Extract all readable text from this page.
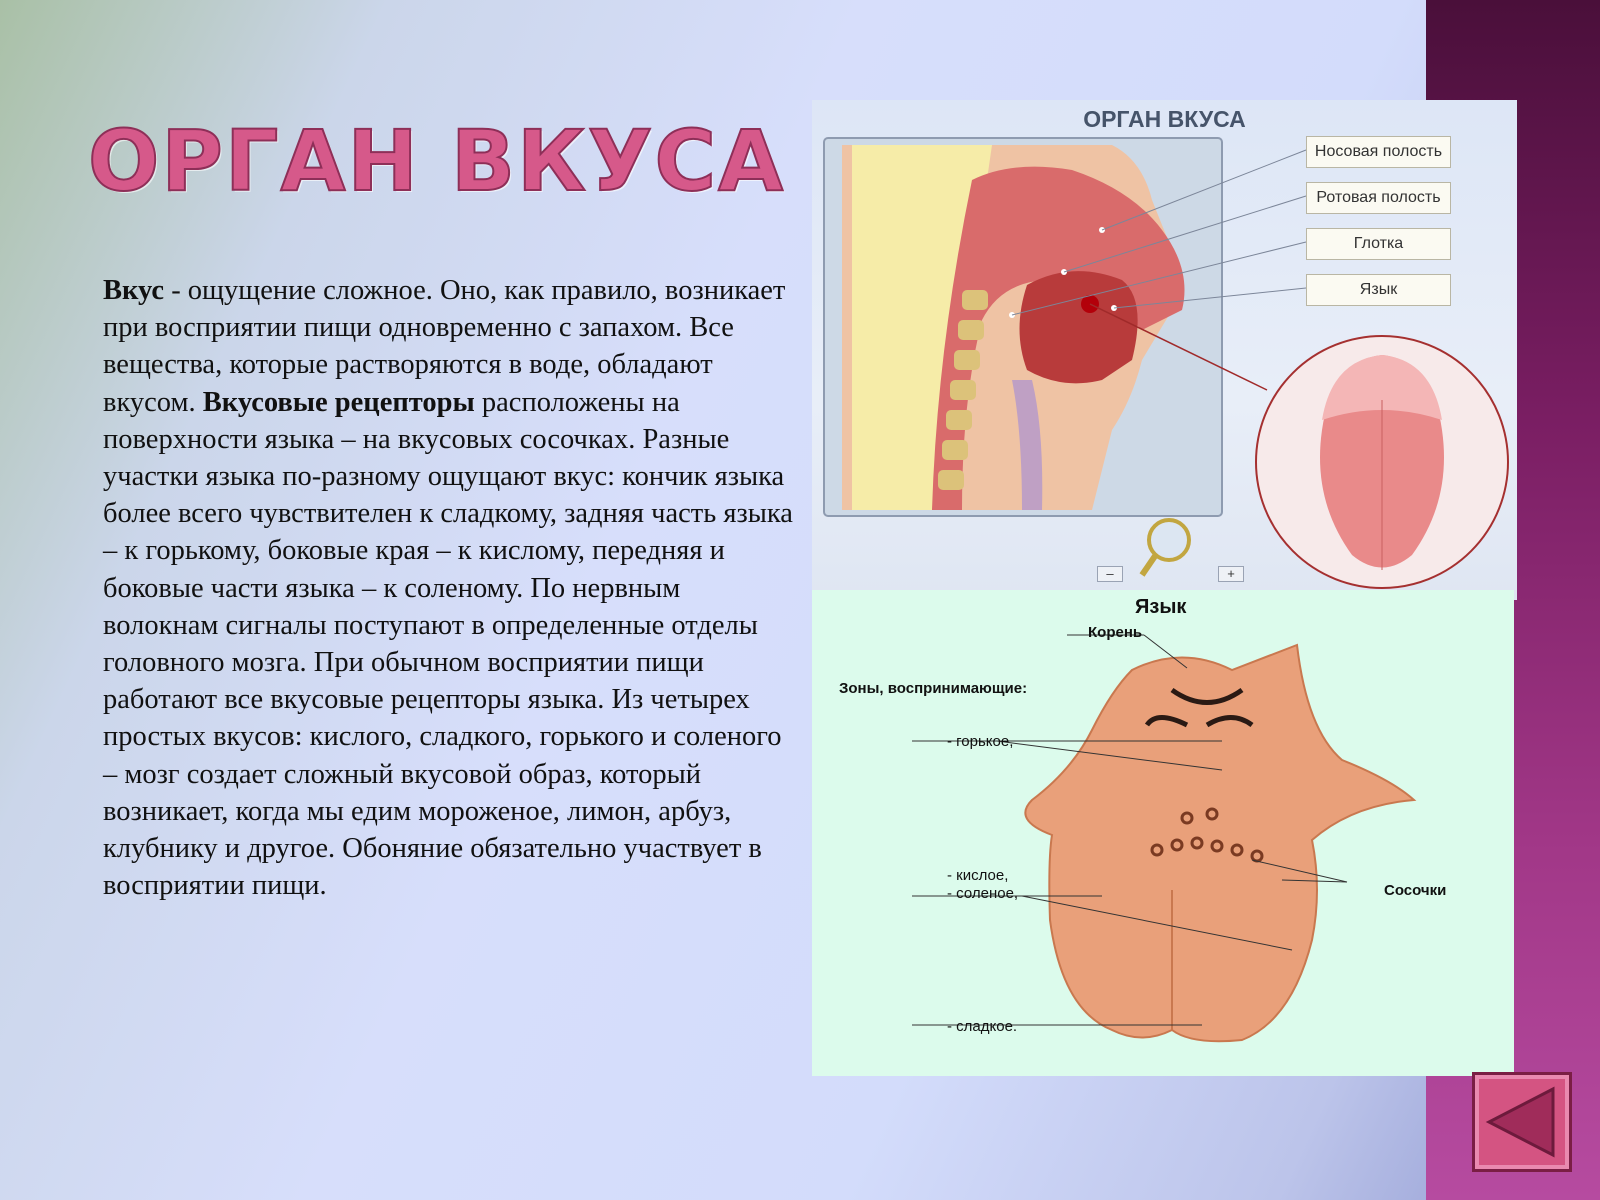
ОРГАН ВКУСА
Вкус - ощущение сложное. Оно, как правило, возникает при восприятии пищи одновременно с запахом. Все вещества, которые растворяются в воде, обладают вкусом. Вкусовые рецепторы расположены на поверхности языка – на вкусовых сосочках. Разные участки языка по-разному ощущают вкус: кончик языка более всего чувствителен к сладкому, задняя часть языка – к горькому, боковые края – к кислому, передняя и боковые части языка – к соленому. По нервным волокнам сигналы поступают в определенные отделы головного мозга. При обычном восприятии пищи работают все вкусовые рецепторы языка. Из четырех простых вкусов: кислого, сладкого, горького и соленого – мозг создает сложный вкусовой образ, который возникает, когда мы едим мороженое, лимон, арбуз, клубнику и другое. Обоняние обязательно участвует в восприятии пищи.
ОРГАН ВКУСА
Носовая полость
Ротовая полость
Глотка
Язык
–	+
Язык
Корень
Зоны, воспринимающие:
- горькое,
- кислое,
- соленое,
- сладкое.
Сосочки
